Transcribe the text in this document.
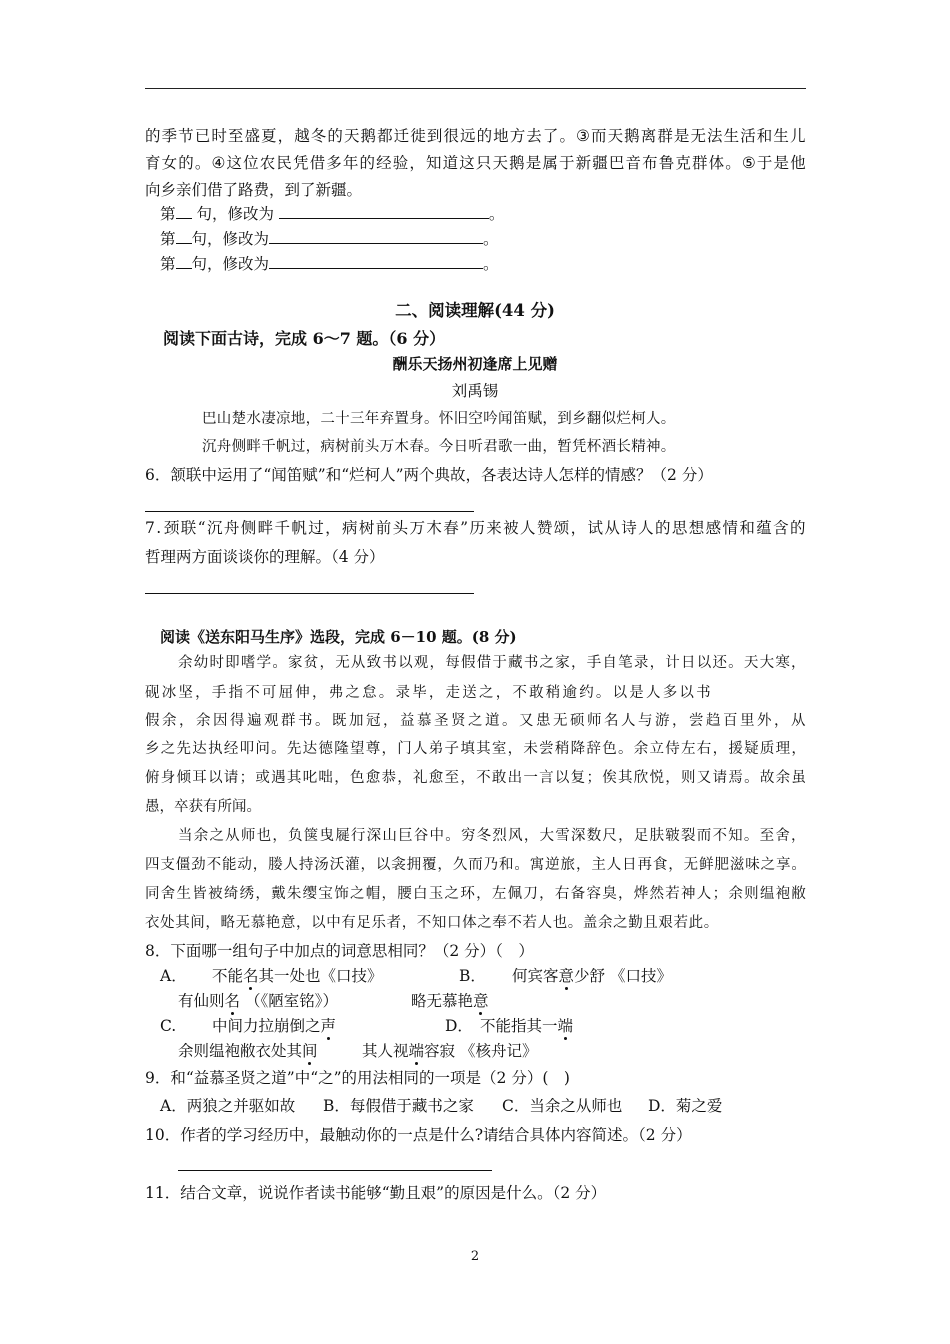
的 季 节 已 时 至 盛 夏 ， 越 冬 的 天 鹅 都 迁 徙 到 很 远 的 地 方 去 了 。 ③ 而 天 鹅 离 群 是 无 法 生 活 和 生 儿
育 女 的 。 ④ 这 位 农 民 凭 借 多 年 的 经 验 ， 知 道 这 只 天 鹅 是 属 于 新 疆 巴 音 布 鲁 克 群 体 。 ⑤ 于 是 他
向乡亲们借了路费，到了新疆。
第 句，修改为	。
第 句，修改为	。
第 句，修改为	。
二、阅读理解(44 分)
阅读下面古诗，完成 6～7 题。（6 分）
酬乐天扬州初逢席上见赠
刘禹锡
巴山楚水凄凉地，二十三年弃置身。怀旧空吟闻笛赋，到乡翻似烂柯人。
沉舟侧畔千帆过，病树前头万木春。今日听君歌一曲，暂凭杯酒长精神。
6．颔联中运用了“闻笛赋”和“烂柯人”两个典故，各表达诗人怎样的情感？（2 分）
7 . 颈 联 “ 沉 舟 侧 畔 千 帆 过 ， 病 树 前 头 万 木 春 ” 历 来 被 人 赞 颂 ， 试 从 诗 人 的 思 想 感 情 和 蕴 含 的
哲理两方面谈谈你的理解。（4 分）
阅读《送东阳马生序》选段，完成 6－10 题。(8 分)
余 幼 时 即 嗜 学 。 家 贫 ， 无 从 致 书 以 观 ， 每 假 借 于 藏 书 之 家 ， 手 自 笔 录 ， 计 日 以 还 。 天 大 寒 ，
砚冰坚，手指不可屈伸，弗之怠。录毕，走送之，不敢稍逾约。以是人多以书
假 余 ， 余 因 得 遍 观 群 书 。 既 加 冠 ， 益 慕 圣 贤 之 道 。 又 患 无 硕 师 名 人 与 游 ， 尝 趋 百 里 外 ， 从
乡 之 先 达 执 经 叩 问 。 先 达 德 隆 望 尊 ， 门 人 弟 子 填 其 室 ， 未 尝 稍 降 辞 色 。 余 立 侍 左 右 ， 援 疑 质 理 ，
俯 身 倾 耳 以 请 ； 或 遇 其 叱 咄 ， 色 愈 恭 ， 礼 愈 至 ， 不 敢 出 一 言 以 复 ； 俟 其 欣 悦 ， 则 又 请 焉 。 故 余 虽
愚，卒获有所闻。
当 余 之 从 师 也 ， 负 箧 曳 屣 行 深 山 巨 谷 中 。 穷 冬 烈 风 ， 大 雪 深 数 尺 ， 足 肤 皲 裂 而 不 知 。 至 舍 ，
四 支 僵 劲 不 能 动 ， 媵 人 持 汤 沃 灌 ， 以 衾 拥 覆 ， 久 而 乃 和 。 寓 逆 旅 ， 主 人 日 再 食 ， 无 鲜 肥 滋 味 之 享 。
同 舍 生 皆 被 绮 绣 ， 戴 朱 缨 宝 饰 之 帽 ， 腰 白 玉 之 环 ， 左 佩 刀 ， 右 备 容 臭 ， 烨 然 若 神 人 ； 余 则 缊 袍 敝
衣处其间，略无慕艳意，以中有足乐者，不知口体之奉不若人也。盖余之勤且艰若此。
8．下面哪一组句子中加点的词意思相同？（2 分）（　）
A． 不能名其一处也《口技》	B． 何宾客意少舒 《口技》
有仙则名 （《陋室铭》）	略无慕艳意
C. 中间力拉崩倒之声	D． 不能指其一端
余则缊袍敝衣处其间	其人视端容寂 《核舟记》
9．和“益慕圣贤之道”中“之”的用法相同的一项是（2 分）(　)
A．两狼之并驱如故 B．每假借于藏书之家 C．当余之从师也 D．菊之爱
10．作者的学习经历中，最触动你的一点是什么?请结合具体内容简述。（2 分）
11．结合文章，说说作者读书能够“勤且艰”的原因是什么。（2 分）
2
